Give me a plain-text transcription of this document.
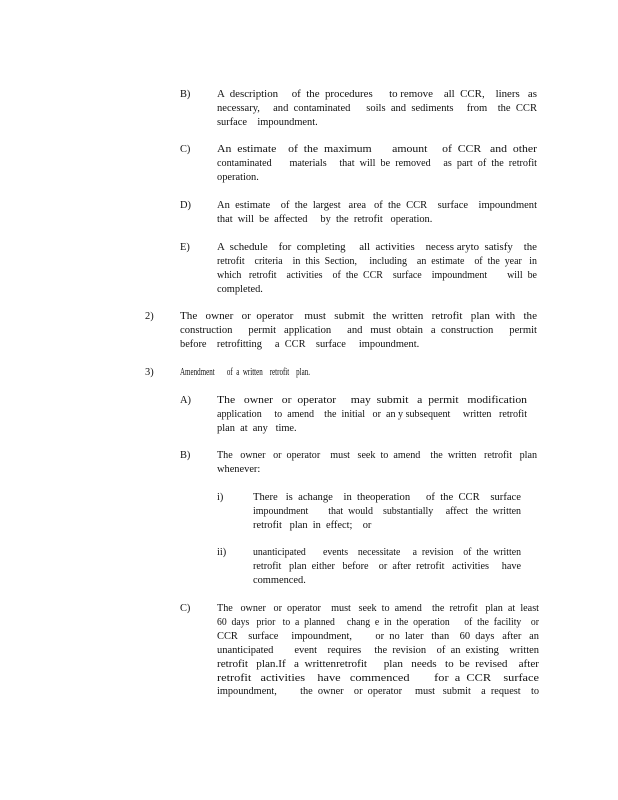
B)	A  description     of  the  procedures      to remove    all  CCR,    liners   as
necessary,     and  contaminated      soils  and  sediments     from    the  CCR
surface    impoundment.
C)	An  estimate    of  the  maximum       amount     of  CCR   and  other
contaminated       materials     that  will  be  removed     as  part  of  the  retrofit
operation.
D)	An  estimate    of  the  largest   area   of  the  CCR    surface    impoundment
that  will  be  affected     by  the  retrofit   operation.
E)	A  schedule    for  completing     all  activities    necess aryto  satisfy    the
retrofit    criteria    in  this  Section,     including    an  estimate    of  the  year   in
which   retrofit    activities    of  the  CCR    surface    impoundment        will  be
completed.
2)	The   owner   or  operator    must   submit   the  written   retrofit   plan  with   the
construction      permit   application      and   must  obtain   a  construction      permit
before    retrofitting     a  CCR    surface     impoundment.
3)	Amendment       of  a  written    retrofit    plan.
A)	The   owner   or  operator     may  submit   a  permit   modification
application     to  amend    the  initial   or  an y subsequent     written   retrofit
plan  at  any   time.
B)	The   owner   or  operator    must   seek  to  amend    the  written   retrofit   plan
whenever:
i)	There   is  achange    in  theoperation      of  the  CCR    surface
impoundment        that  would    substantially     affect   the  written
retrofit   plan  in  effect;    or
ii)	unanticipated       events    necessitate     a  revision    of  the  written
retrofit   plan  either   before    or  after  retrofit   activities     have
commenced.
C)	The   owner   or  operator    must   seek  to  amend    the  retrofit   plan  at  least
60  days   prior   to  a  planned     chang  e  in  the  operation      of  the  facility    or
CCR    surface     impoundment,         or  no  later   than    60  days   after   an
unanticipated        event    requires     the  revision    of  an  existing    written
retrofit   plan.If   a  writtenretrofit      plan   needs   to  be  revised    after
retrofit   activities    have   commenced        for  a  CCR    surface
impoundment,         the  owner    or  operator     must   submit    a  request    to
